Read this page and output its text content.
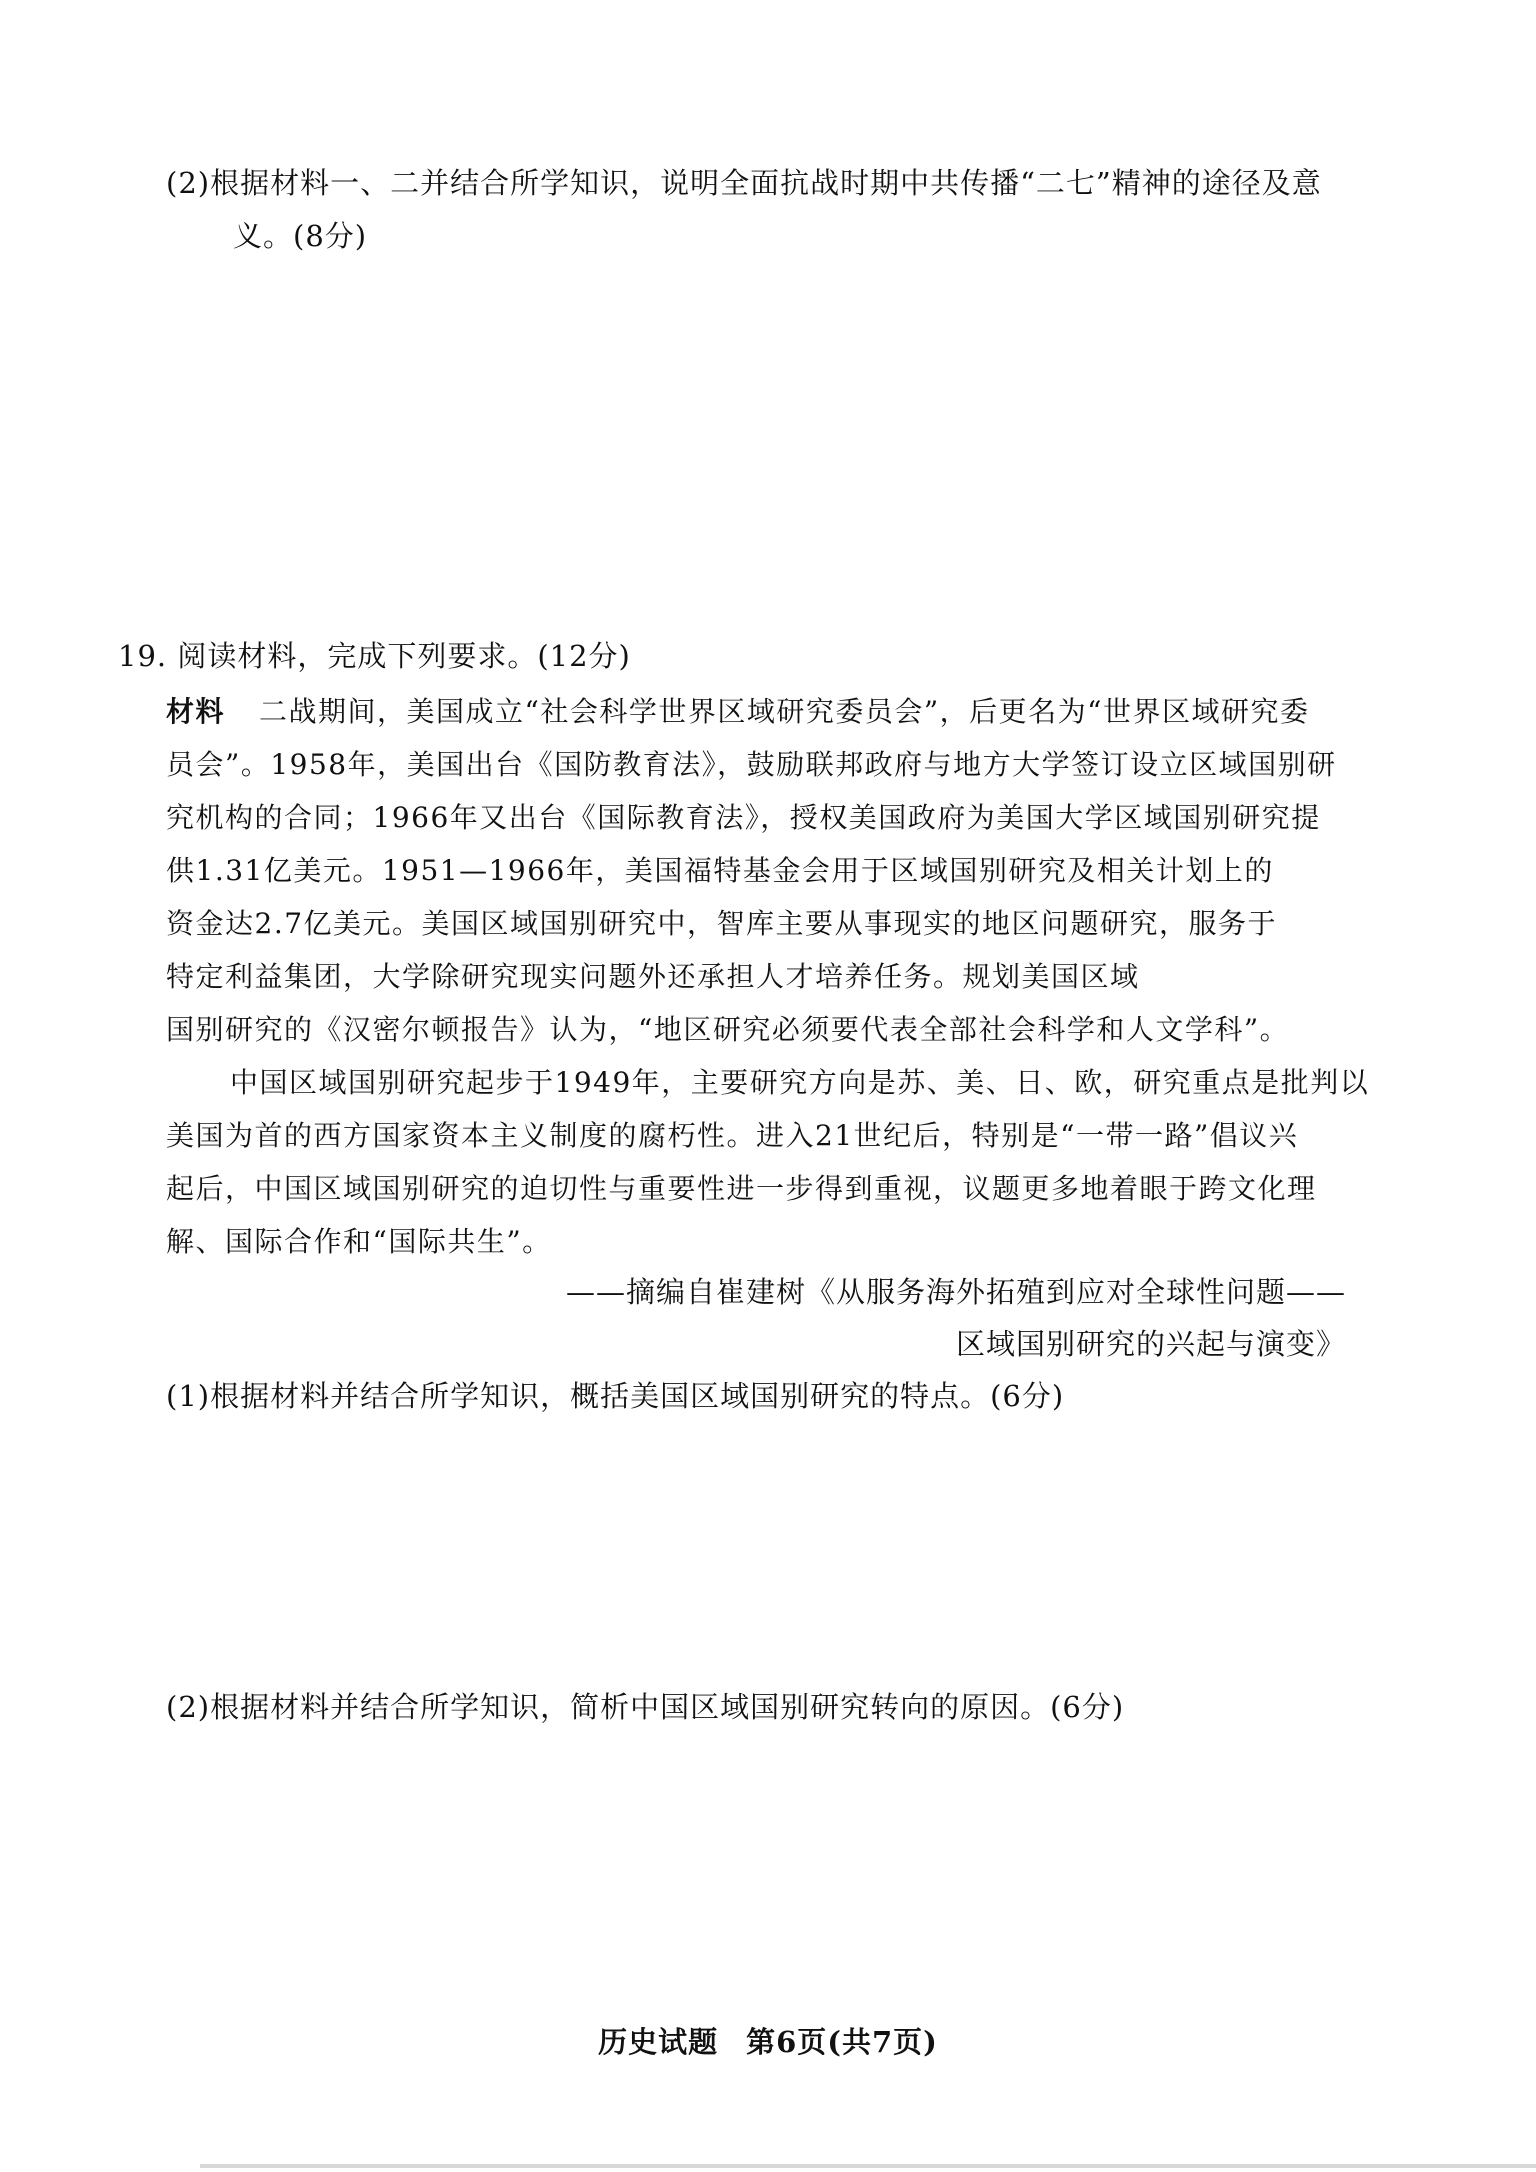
(2)根据材料一、二并结合所学知识，说明全面抗战时期中共传播“二七”精神的途径及意
义。(8分)
19. 阅读材料，完成下列要求。(12分)
材料 二战期间，美国成立“社会科学世界区域研究委员会”，后更名为“世界区域研究委
员会”。1958年，美国出台《国防教育法》，鼓励联邦政府与地方大学签订设立区域国别研
究机构的合同；1966年又出台《国际教育法》，授权美国政府为美国大学区域国别研究提
供1.31亿美元。1951—1966年，美国福特基金会用于区域国别研究及相关计划上的
资金达2.7亿美元。美国区域国别研究中，智库主要从事现实的地区问题研究，服务于
特定利益集团，大学除研究现实问题外还承担人才培养任务。规划美国区域
国别研究的《汉密尔顿报告》认为，“地区研究必须要代表全部社会科学和人文学科”。
中国区域国别研究起步于1949年，主要研究方向是苏、美、日、欧，研究重点是批判以
美国为首的西方国家资本主义制度的腐朽性。进入21世纪后，特别是“一带一路”倡议兴
起后，中国区域国别研究的迫切性与重要性进一步得到重视，议题更多地着眼于跨文化理
解、国际合作和“国际共生”。
——摘编自崔建树《从服务海外拓殖到应对全球性问题——
区域国别研究的兴起与演变》
(1)根据材料并结合所学知识，概括美国区域国别研究的特点。(6分)
(2)根据材料并结合所学知识，简析中国区域国别研究转向的原因。(6分)
历史试题 第6页(共7页)
